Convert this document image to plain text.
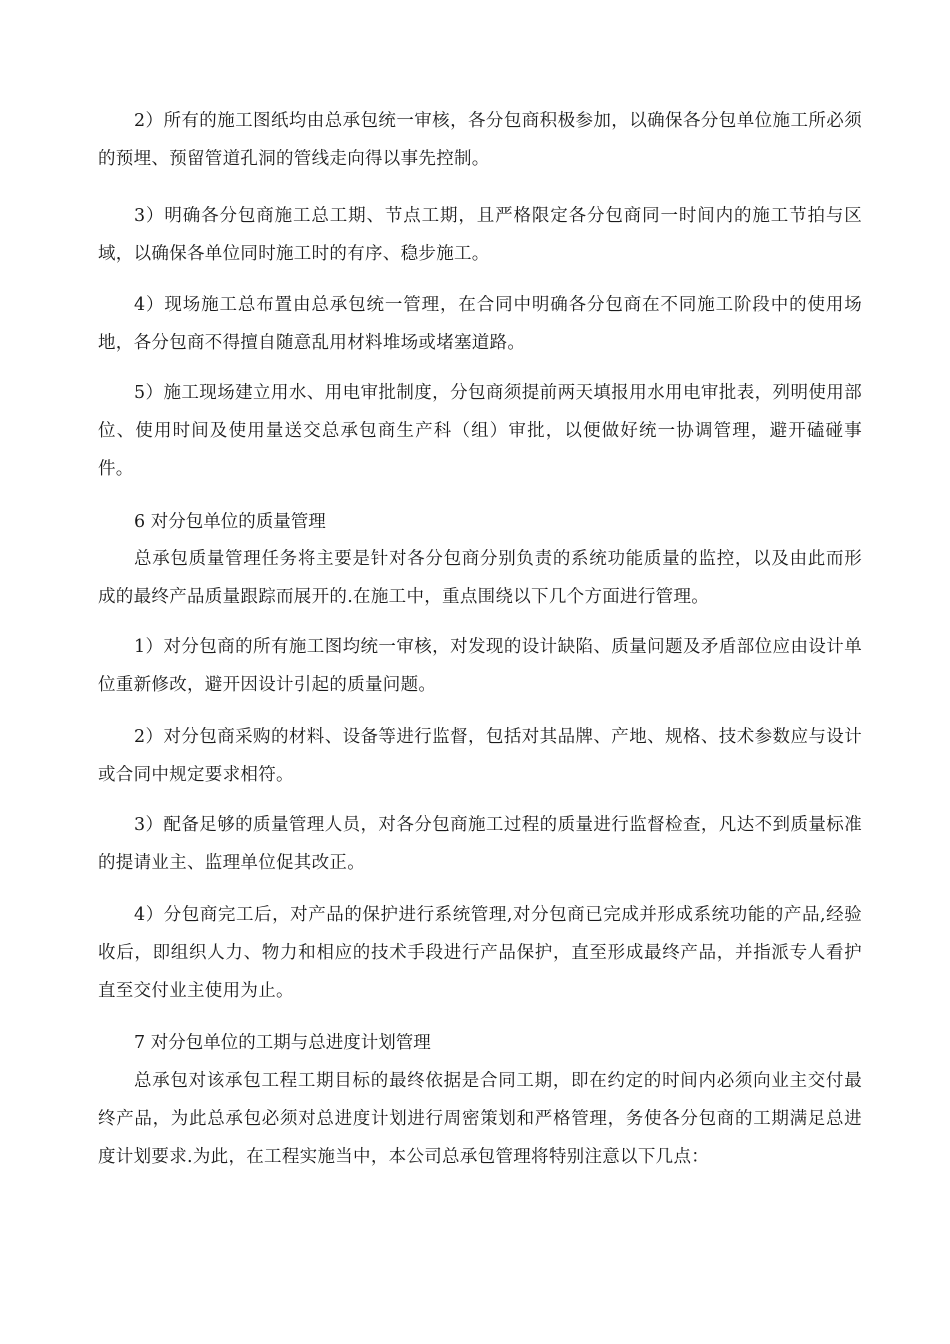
2）所有的施工图纸均由总承包统一审核，各分包商积极参加，以确保各分包单位施工所必须的预埋、预留管道孔洞的管线走向得以事先控制。

3）明确各分包商施工总工期、节点工期，且严格限定各分包商同一时间内的施工节拍与区域，以确保各单位同时施工时的有序、稳步施工。

4）现场施工总布置由总承包统一管理，在合同中明确各分包商在不同施工阶段中的使用场地，各分包商不得擅自随意乱用材料堆场或堵塞道路。

5）施工现场建立用水、用电审批制度，分包商须提前两天填报用水用电审批表，列明使用部位、使用时间及使用量送交总承包商生产科（组）审批，以便做好统一协调管理，避开磕碰事件。

6 对分包单位的质量管理

总承包质量管理任务将主要是针对各分包商分别负责的系统功能质量的监控，以及由此而形成的最终产品质量跟踪而展开的.在施工中，重点围绕以下几个方面进行管理。

1）对分包商的所有施工图均统一审核，对发现的设计缺陷、质量问题及矛盾部位应由设计单位重新修改，避开因设计引起的质量问题。

2）对分包商采购的材料、设备等进行监督，包括对其品牌、产地、规格、技术参数应与设计或合同中规定要求相符。

3）配备足够的质量管理人员，对各分包商施工过程的质量进行监督检查，凡达不到质量标准的提请业主、监理单位促其改正。

4）分包商完工后，对产品的保护进行系统管理,对分包商已完成并形成系统功能的产品,经验收后，即组织人力、物力和相应的技术手段进行产品保护，直至形成最终产品，并指派专人看护直至交付业主使用为止。

7 对分包单位的工期与总进度计划管理

总承包对该承包工程工期目标的最终依据是合同工期，即在约定的时间内必须向业主交付最终产品，为此总承包必须对总进度计划进行周密策划和严格管理，务使各分包商的工期满足总进度计划要求.为此，在工程实施当中，本公司总承包管理将特别注意以下几点：
